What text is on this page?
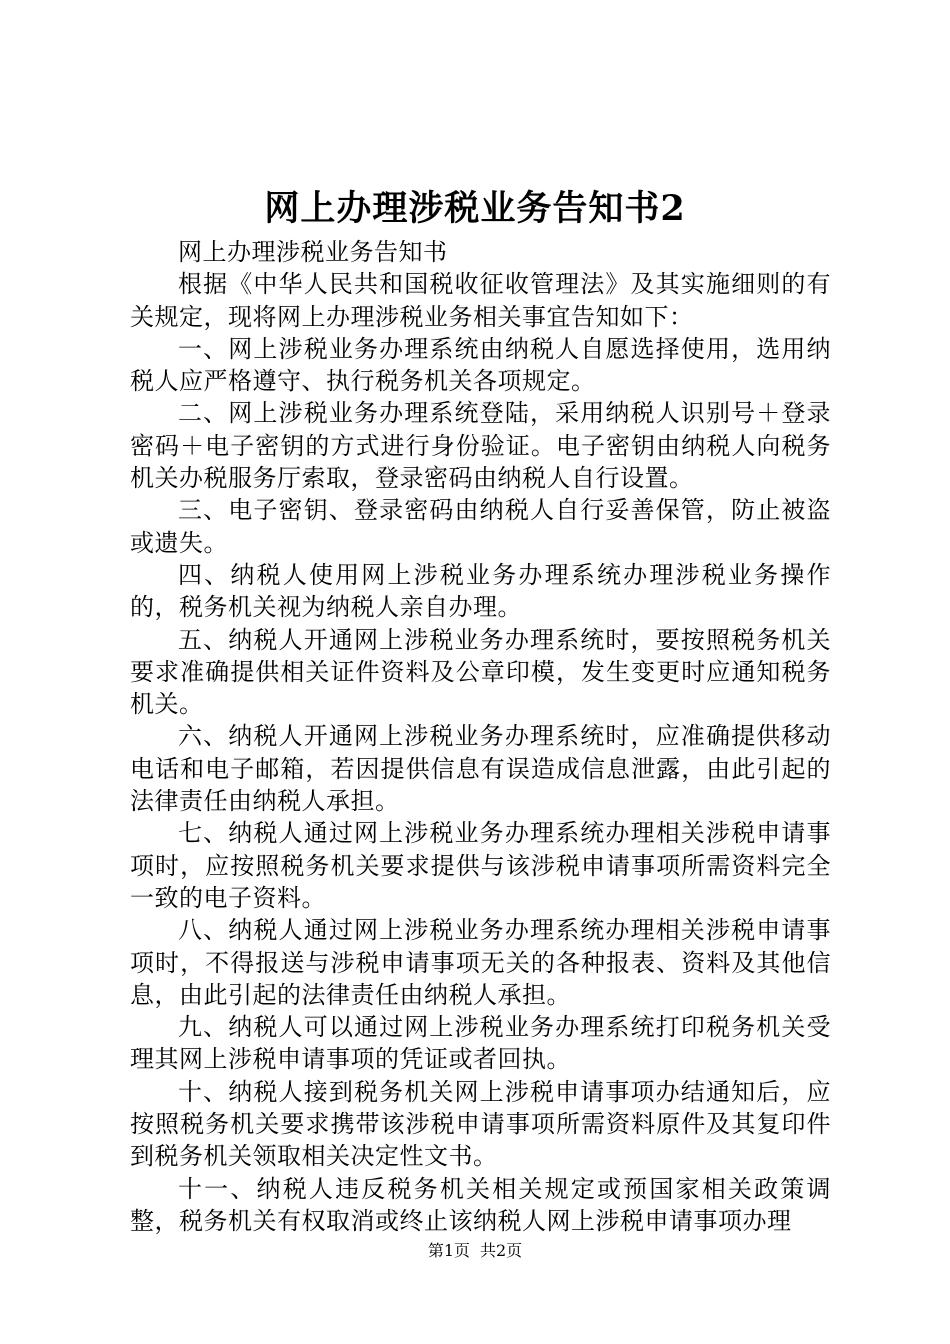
网上办理涉税业务告知书2

网上办理涉税业务告知书

根据《中华人民共和国税收征收管理法》及其实施细则的有关规定，现将网上办理涉税业务相关事宜告知如下：

一、网上涉税业务办理系统由纳税人自愿选择使用，选用纳税人应严格遵守、执行税务机关各项规定。

二、网上涉税业务办理系统登陆，采用纳税人识别号＋登录密码＋电子密钥的方式进行身份验证。电子密钥由纳税人向税务机关办税服务厅索取，登录密码由纳税人自行设置。

三、电子密钥、登录密码由纳税人自行妥善保管，防止被盗或遗失。

四、纳税人使用网上涉税业务办理系统办理涉税业务操作的，税务机关视为纳税人亲自办理。

五、纳税人开通网上涉税业务办理系统时，要按照税务机关要求准确提供相关证件资料及公章印模，发生变更时应通知税务机关。

六、纳税人开通网上涉税业务办理系统时，应准确提供移动电话和电子邮箱，若因提供信息有误造成信息泄露，由此引起的法律责任由纳税人承担。

七、纳税人通过网上涉税业务办理系统办理相关涉税申请事项时，应按照税务机关要求提供与该涉税申请事项所需资料完全一致的电子资料。

八、纳税人通过网上涉税业务办理系统办理相关涉税申请事项时，不得报送与涉税申请事项无关的各种报表、资料及其他信息，由此引起的法律责任由纳税人承担。

九、纳税人可以通过网上涉税业务办理系统打印税务机关受理其网上涉税申请事项的凭证或者回执。

十、纳税人接到税务机关网上涉税申请事项办结通知后，应按照税务机关要求携带该涉税申请事项所需资料原件及其复印件到税务机关领取相关决定性文书。

十一、纳税人违反税务机关相关规定或预国家相关政策调整，税务机关有权取消或终止该纳税人网上涉税申请事项办理

第1页 共2页
